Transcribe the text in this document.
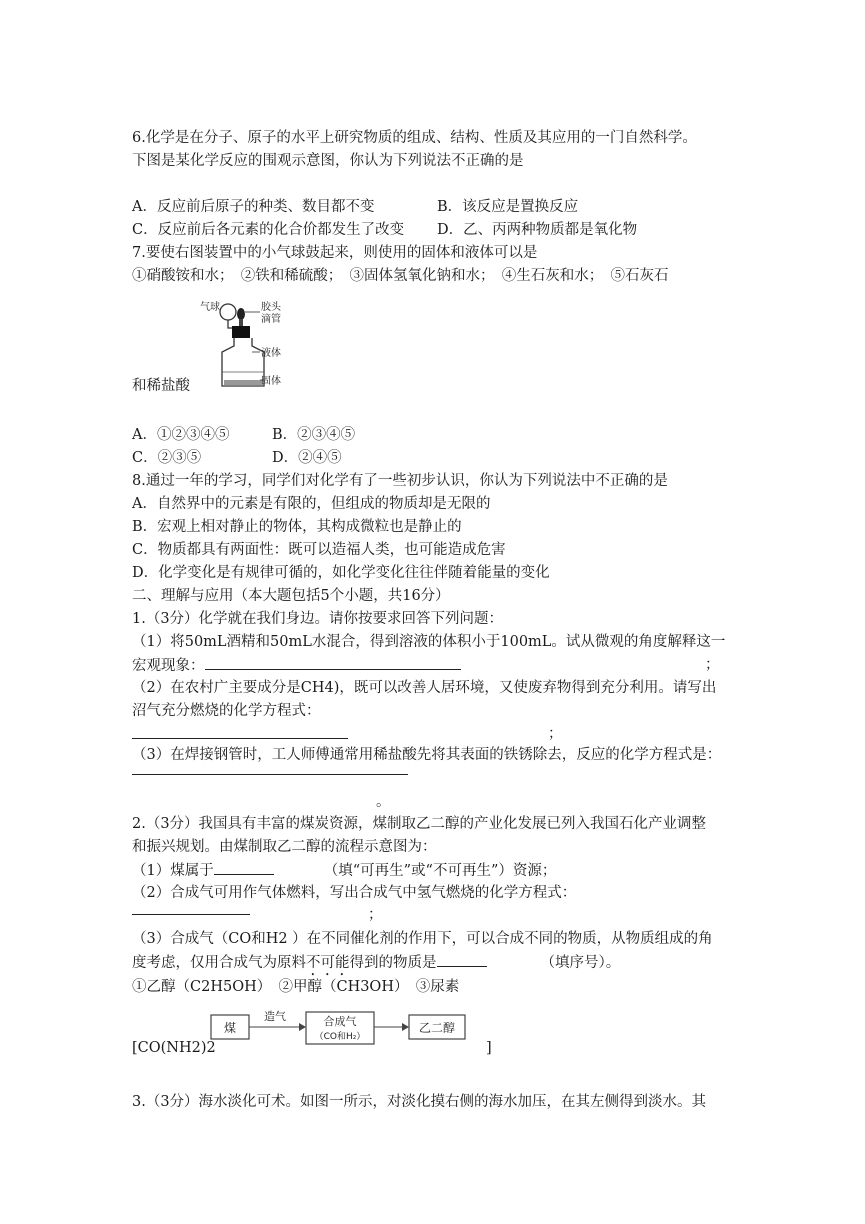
6.化学是在分子、原子的水平上研究物质的组成、结构、性质及其应用的一门自然科学。
下图是某化学反应的围观示意图，你认为下列说法不正确的是
A．反应前后原子的种类、数目都不变	B．该反应是置换反应
C．反应前后各元素的化合价都发生了改变 D．乙、丙两种物质都是氧化物
7.要使右图装置中的小气球鼓起来，则使用的固体和液体可以是
①硝酸铵和水；　②铁和稀硫酸；　③固体氢氧化钠和水；　④生石灰和水；　⑤石灰石
气球	胶头
滴管
液体
固体
和稀盐酸
A．①②③④⑤	B．②③④⑤
C．②③⑤	D．②④⑤
8.通过一年的学习，同学们对化学有了一些初步认识，你认为下列说法中不正确的是
A．自然界中的元素是有限的，但组成的物质却是无限的
B．宏观上相对静止的物体，其构成微粒也是静止的
C．物质都具有两面性：既可以造福人类，也可能造成危害
D．化学变化是有规律可循的，如化学变化往往伴随着能量的变化
二、理解与应用（本大题包括5个小题，共16分）
1.（3分）化学就在我们身边。请你按要求回答下列问题：
（1）将50mL酒精和50mL水混合，得到溶液的体积小于100mL。试从微观的角度解释这一
宏观现象：	；
（2）在农村广主要成分是CH4)，既可以改善人居环境，又使废弃物得到充分利用。请写出
沼气充分燃烧的化学方程式：
；
（3）在焊接钢管时，工人师傅通常用稀盐酸先将其表面的铁锈除去，反应的化学方程式是：
。
2.（3分）我国具有丰富的煤炭资源，煤制取乙二醇的产业化发展已列入我国石化产业调整
和振兴规划。由煤制取乙二醇的流程示意图为：
（1）煤属于	（填“可再生”或“不可再生”）资源；
（2）合成气可用作气体燃料，写出合成气中氢气燃烧的化学方程式：
；
（3）合成气（CO和H2 ）在不同催化剂的作用下，可以合成不同的物质，从物质组成的角
度考虑，仅用合成气为原料不可能得到的物质是	（填序号）。
①乙醇（C2H5OH）　②甲醇（CH3OH）　③尿素
煤
造气	合成气
（CO和H₂）
乙二醇
[CO(NH2)2	]
3.（3分）海水淡化可术。如图一所示，对淡化摸右侧的海水加压，在其左侧得到淡水。其
